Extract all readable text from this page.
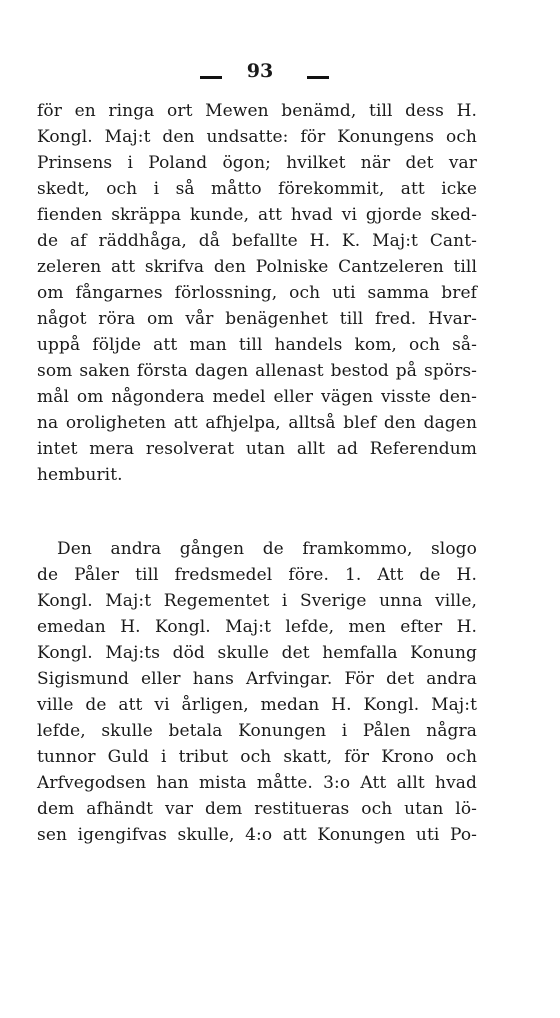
93
för en ringa ort Mewen benämd, till dess H.
Kongl. Maj:t den undsatte: för Konungens och
Prinsens i Poland ögon; hvilket när det var
skedt, och i så måtto förekommit, att icke
fienden skräppa kunde, att hvad vi gjorde sked-
de af räddhåga, då befallte H. K. Maj:t Cant-
zeleren att skrifva den Polniske Cantzeleren till
om fångarnes förlossning, och uti samma bref
något röra om vår benägenhet till fred. Hvar-
uppå följde att man till handels kom, och så-
som saken första dagen allenast bestod på spörs-
mål om någondera medel eller vägen visste den-
na oroligheten att afhjelpa, alltså blef den dagen
intet mera resolverat utan allt ad Referendum
hemburit.
Den andra gången de framkommo, slogo
de Påler till fredsmedel före. 1. Att de H.
Kongl. Maj:t Regementet i Sverige unna ville,
emedan H. Kongl. Maj:t lefde, men efter H.
Kongl. Maj:ts död skulle det hemfalla Konung
Sigismund eller hans Arfvingar. För det andra
ville de att vi årligen, medan H. Kongl. Maj:t
lefde, skulle betala Konungen i Pålen några
tunnor Guld i tribut och skatt, för Krono och
Arfvegodsen han mista måtte. 3:o Att allt hvad
dem afhändt var dem restitueras och utan lö-
sen igengifvas skulle, 4:o att Konungen uti Po-
